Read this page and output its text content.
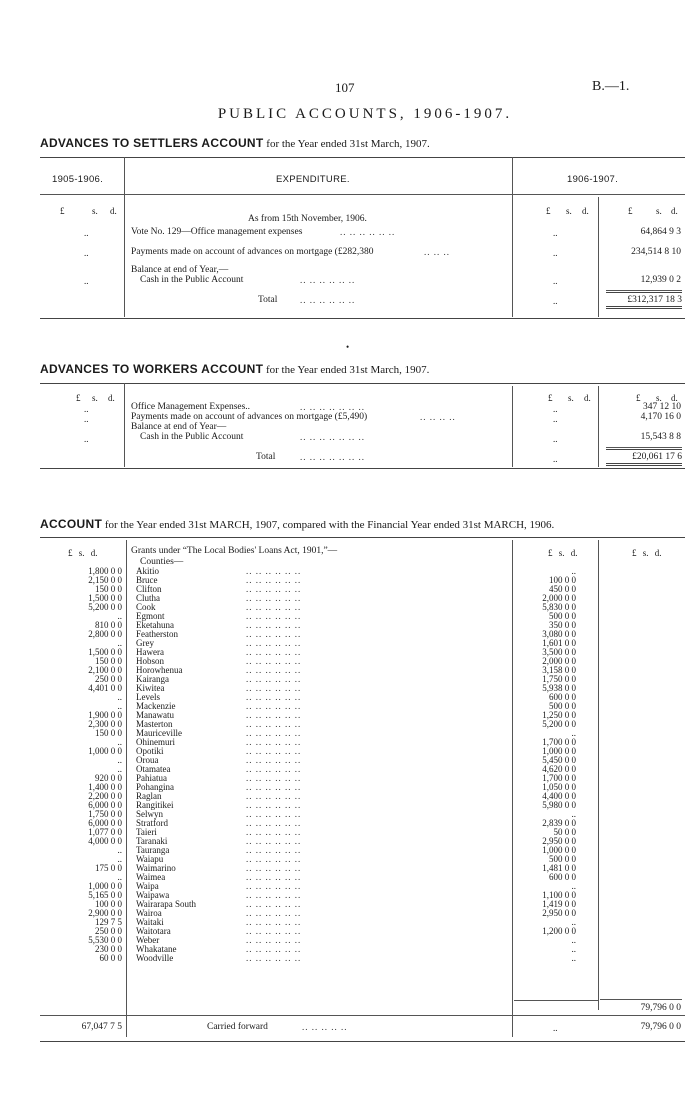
107	B.—1.
PUBLIC ACCOUNTS, 1906-1907.
ADVANCES TO SETTLERS ACCOUNT for the Year ended 31st March, 1907.
1905-1906.	EXPENDITURE.	1906-1907.
£	s. d.	£ s. d.	£	s. d.
As from 15th November, 1906.
..	Vote No. 129—Office management expenses	.. .. .. .. .. ..	..	64,864 9 3
..	Payments made on account of advances on mortgage (£282,380	.. .. ..	..	234,514 8 10
Balance at end of Year,—
..	Cash in the Public Account	.. .. .. .. .. ..	..	12,939 0 2
Total	.. .. .. .. .. ..	..	£312,317 18 3
•
ADVANCES TO WORKERS ACCOUNT for the Year ended 31st March, 1907.
£ s. d.	£ s. d.	£ s. d.
..	Office Management Expenses..	.. .. .. .. .. .. ..	..	347 12 10
..	Payments made on account of advances on mortgage (£5,490)	.. .. .. ..	..	4,170 16 0
Balance at end of Year—
..	Cash in the Public Account	.. .. .. .. .. .. ..	..	15,543 8 8
Total	.. .. .. .. .. .. ..	..	£20,061 17 6
ACCOUNT for the Year ended 31st MARCH, 1907, compared with the Financial Year ended 31st MARCH, 1906.
£ s. d.	Grants under “The Local Bodies' Loans Act, 1901,”—	£ s. d.	£ s. d.
Counties—
1,800 0 0		Akitio	.. .. .. .. .. ..	..
2,150 0 0		Bruce	.. .. .. .. .. ..	100 0 0
150 0 0		Clifton	.. .. .. .. .. ..	450 0 0
1,500 0 0		Clutha	.. .. .. .. .. ..	2,000 0 0
5,200 0 0		Cook	.. .. .. .. .. ..	5,830 0 0
..		Egmont	.. .. .. .. .. ..	500 0 0
810 0 0		Eketahuna	.. .. .. .. .. ..	350 0 0
2,800 0 0		Featherston	.. .. .. .. .. ..	3,080 0 0
..		Grey	.. .. .. .. .. ..	1,601 0 0
1,500 0 0		Hawera	.. .. .. .. .. ..	3,500 0 0
150 0 0		Hobson	.. .. .. .. .. ..	2,000 0 0
2,100 0 0		Horowhenua	.. .. .. .. .. ..	3,158 0 0
250 0 0		Kairanga	.. .. .. .. .. ..	1,750 0 0
4,401 0 0		Kiwitea	.. .. .. .. .. ..	5,938 0 0
..		Levels	.. .. .. .. .. ..	600 0 0
..		Mackenzie	.. .. .. .. .. ..	500 0 0
1,900 0 0		Manawatu	.. .. .. .. .. ..	1,250 0 0
2,300 0 0		Masterton	.. .. .. .. .. ..	5,200 0 0
150 0 0		Mauriceville	.. .. .. .. .. ..	..
..		Ohinemuri	.. .. .. .. .. ..	1,700 0 0
1,000 0 0		Opotiki	.. .. .. .. .. ..	1,000 0 0
..		Oroua	.. .. .. .. .. ..	5,450 0 0
..		Otamatea	.. .. .. .. .. ..	4,620 0 0
920 0 0		Pahiatua	.. .. .. .. .. ..	1,700 0 0
1,400 0 0		Pohangina	.. .. .. .. .. ..	1,050 0 0
2,200 0 0		Raglan	.. .. .. .. .. ..	4,400 0 0
6,000 0 0		Rangitikei	.. .. .. .. .. ..	5,980 0 0
1,750 0 0		Selwyn	.. .. .. .. .. ..	..
6,000 0 0		Stratford	.. .. .. .. .. ..	2,839 0 0
1,077 0 0		Taieri	.. .. .. .. .. ..	50 0 0
4,000 0 0		Taranaki	.. .. .. .. .. ..	2,950 0 0
..		Tauranga	.. .. .. .. .. ..	1,000 0 0
..		Waiapu	.. .. .. .. .. ..	500 0 0
175 0 0		Waimarino	.. .. .. .. .. ..	1,481 0 0
..		Waimea	.. .. .. .. .. ..	600 0 0
1,000 0 0		Waipa	.. .. .. .. .. ..	..
5,165 0 0		Waipawa	.. .. .. .. .. ..	1,100 0 0
100 0 0		Wairarapa South	.. .. .. .. .. ..	1,419 0 0
2,900 0 0		Wairoa	.. .. .. .. .. ..	2,950 0 0
129 7 5		Waitaki	.. .. .. .. .. ..	..
250 0 0		Waitotara	.. .. .. .. .. ..	1,200 0 0
5,530 0 0		Weber	.. .. .. .. .. ..	..
230 0 0		Whakatane	.. .. .. .. .. ..	..
60 0 0		Woodville	.. .. .. .. .. ..	..
79,796 0 0
67,047 7 5	Carried forward	.. .. .. .. ..	..	79,796 0 0
